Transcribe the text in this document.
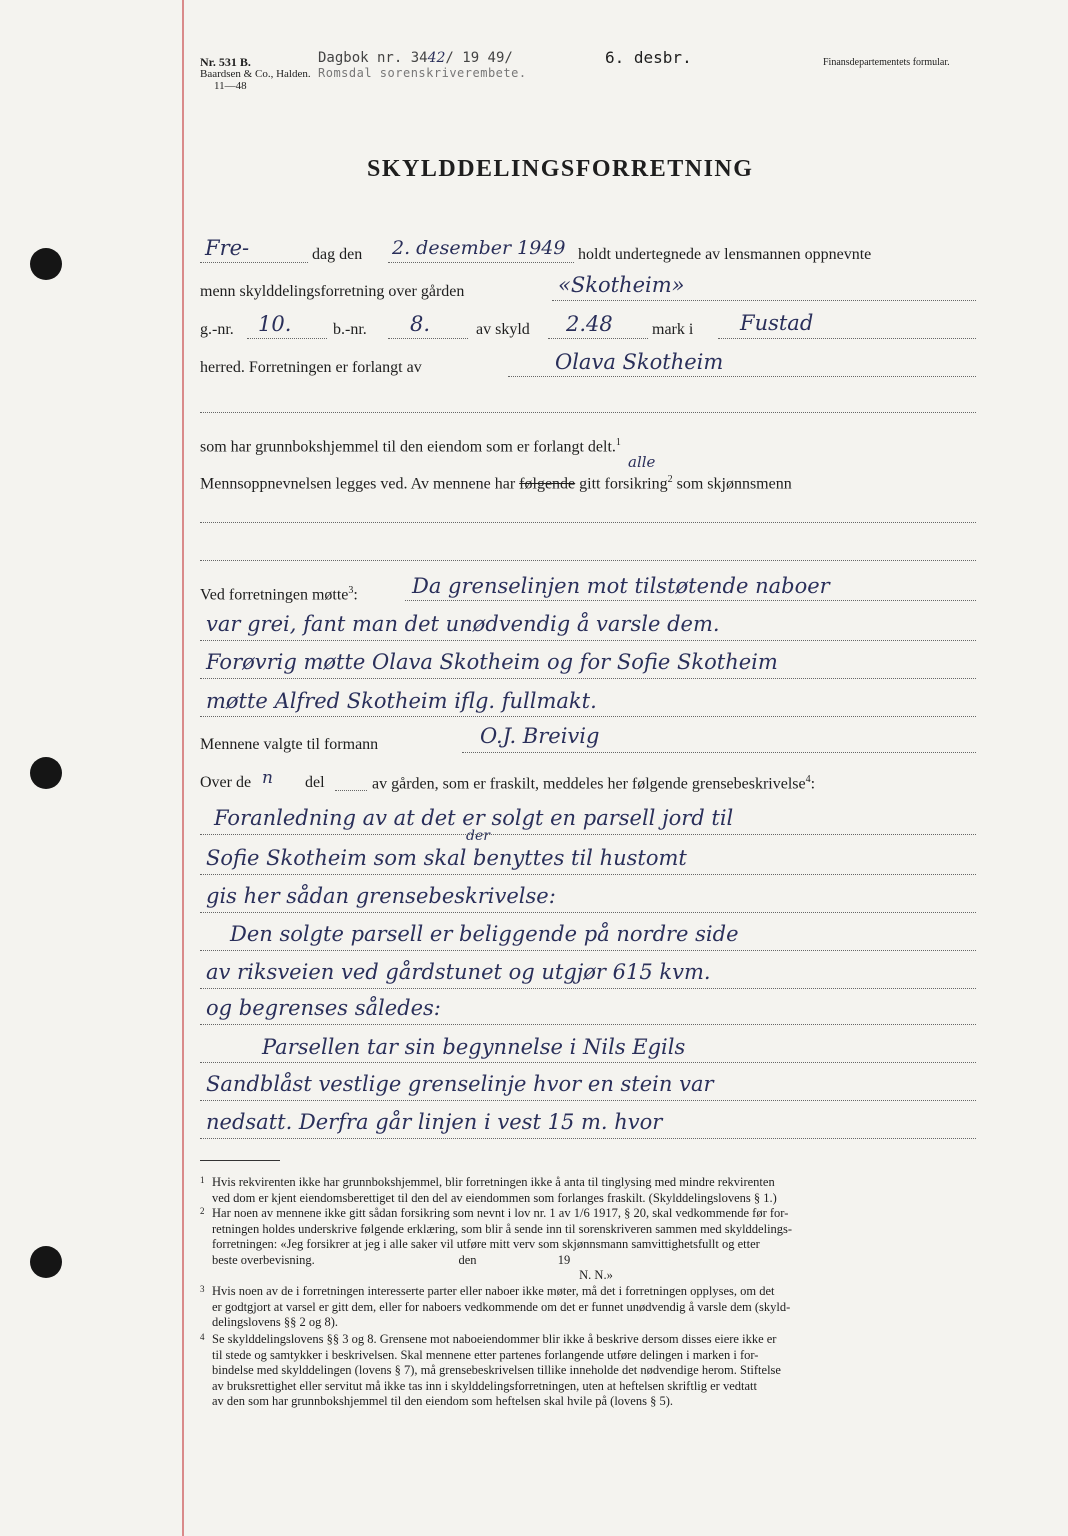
Nr. 531 B.
Baardsen & Co., Halden.
11—48
Dagbok nr. 3442/ 19 49/
Romsdal sorenskriverembete.
6. desbr.	Finansdepartementets formular.
SKYLDDELINGSFORRETNING
Fre-	dag den 2. desember 1949 holdt undertegnede av lensmannen oppnevnte
menn skylddelingsforretning over gården	«Skotheim»
g.-nr. 10.	b.-nr. 8.	av skyld 2.48 mark i Fustad
herred. Forretningen er forlangt av	Olava Skotheim
som har grunnbokshjemmel til den eiendom som er forlangt delt.$^1$
alle
Mennsoppnevnelsen legges ved. Av mennene har følgende gitt forsikring$^2$ som skjønnsmenn
Ved forretningen møtte$^3$:	Da grenselinjen mot tilstøtende naboer
var grei, fant man det unødvendig å varsle dem.
Forøvrig møtte Olava Skotheim og for Sofie Skotheim
møtte Alfred Skotheim iflg. fullmakt.
Mennene valgte til formann	O.J. Breivig
Over de n del	av gården, som er fraskilt, meddeles her følgende grensebeskrivelse$^4$:
der
Foranledning av at det er solgt en parsell jord til
Sofie Skotheim som skal benyttes til hustomt
gis her sådan grensebeskrivelse:
Den solgte parsell er beliggende på nordre side
av riksveien ved gårdstunet og utgjør 615 kvm.
og begrenses således:
Parsellen tar sin begynnelse i Nils Egils
Sandblåst vestlige grenselinje hvor en stein var
nedsatt. Derfra går linjen i vest 15 m. hvor
1 Hvis rekvirenten ikke har grunnbokshjemmel, blir forretningen ikke å anta til tinglysing med mindre rekvirenten
ved dom er kjent eiendomsberettiget til den del av eiendommen som forlanges fraskilt. (Skylddelingslovens § 1.)
2 Har noen av mennene ikke gitt sådan forsikring som nevnt i lov nr. 1 av 1/6 1917, § 20, skal vedkommende før for-
retningen holdes underskrive følgende erklæring, som blir å sende inn til sorenskriveren sammen med skylddelings-
forretningen: «Jeg forsikrer at jeg i alle saker vil utføre mitt verv som skjønnsmann samvittighetsfullt og etter
beste overbevisning.                                              den                          19
N. N.»
3 Hvis noen av de i forretningen interesserte parter eller naboer ikke møter, må det i forretningen opplyses, om det
er godtgjort at varsel er gitt dem, eller for naboers vedkommende om det er funnet unødvendig å varsle dem (skyld-
delingslovens §§ 2 og 8).
4 Se skylddelingslovens §§ 3 og 8. Grensene mot naboeiendommer blir ikke å beskrive dersom disses eiere ikke er
til stede og samtykker i beskrivelsen. Skal mennene etter partenes forlangende utføre delingen i marken i for-
bindelse med skylddelingen (lovens § 7), må grensebeskrivelsen tillike inneholde det nødvendige herom. Stiftelse
av bruksrettighet eller servitut må ikke tas inn i skylddelingsforretningen, uten at heftelsen skriftlig er vedtatt
av den som har grunnbokshjemmel til den eiendom som heftelsen skal hvile på (lovens § 5).
